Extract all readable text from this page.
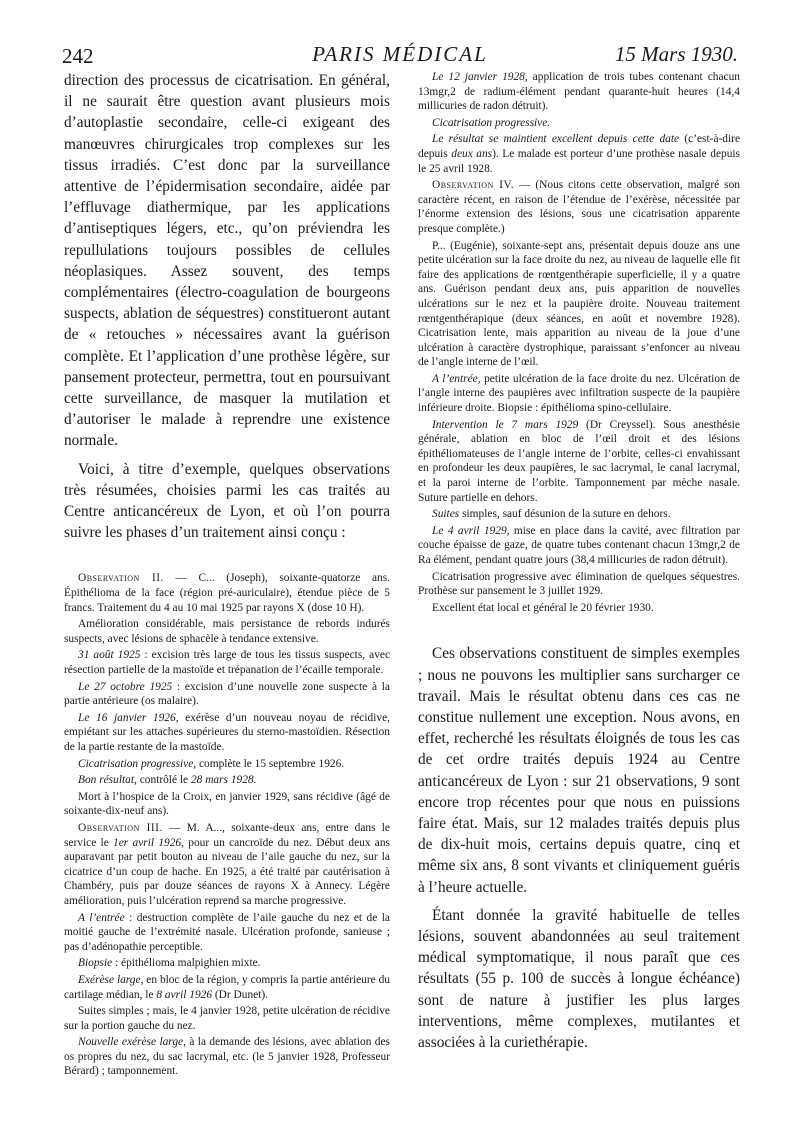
242	PARIS MÉDICAL	15 Mars 1930.

direction des processus de cicatrisation. En général, il ne saurait être question avant plusieurs mois d’autoplastie secondaire, celle-ci exigeant des manœuvres chirurgicales trop complexes sur les tissus irradiés. C’est donc par la surveillance attentive de l’épidermisation secondaire, aidée par l’effluvage diathermique, par les applications d’antiseptiques légers, etc., qu’on préviendra les repullulations toujours possibles de cellules néoplasiques. Assez souvent, des temps complémentaires (électro-coagulation de bourgeons suspects, ablation de séquestres) constitueront autant de « retouches » nécessaires avant la guérison complète. Et l’application d’une prothèse légère, sur pansement protecteur, permettra, tout en poursuivant cette surveillance, de masquer la mutilation et d’autoriser le malade à reprendre une existence normale.

Voici, à titre d’exemple, quelques observations très résumées, choisies parmi les cas traités au Centre anticancéreux de Lyon, et où l’on pourra suivre les phases d’un traitement ainsi conçu :

Observation II. — C... (Joseph), soixante-quatorze ans. Épithélioma de la face (région pré-auriculaire), étendue pièce de 5 francs. Traitement du 4 au 10 mai 1925 par rayons X (dose 10 H).

Amélioration considérable, mais persistance de rebords indurés suspects, avec lésions de sphacèle à tendance extensive.

31 août 1925 : excision très large de tous les tissus suspects, avec résection partielle de la mastoïde et trépanation de l’écaille temporale.

Le 27 octobre 1925 : excision d’une nouvelle zone suspecte à la partie antérieure (os malaire).

Le 16 janvier 1926, exérèse d’un nouveau noyau de récidive, empiétant sur les attaches supérieures du sterno-mastoïdien. Résection de la partie restante de la mastoïde.

Cicatrisation progressive, complète le 15 septembre 1926.

Bon résultat, contrôlé le 28 mars 1928.

Mort à l’hospice de la Croix, en janvier 1929, sans récidive (âgé de soixante-dix-neuf ans).

Observation III. — M. A..., soixante-deux ans, entre dans le service le 1er avril 1926, pour un cancroïde du nez. Début deux ans auparavant par petit bouton au niveau de l’aile gauche du nez, sur la cicatrice d’un coup de hache. En 1925, a été traité par cautérisation à Chambéry, puis par douze séances de rayons X à Annecy. Légère amélioration, puis l’ulcération reprend sa marche progressive.

A l’entrée : destruction complète de l’aile gauche du nez et de la moitié gauche de l’extrémité nasale. Ulcération profonde, sanieuse ; pas d’adénopathie perceptible.

Biopsie : épithélioma malpighien mixte.

Exérèse large, en bloc de la région, y compris la partie antérieure du cartilage médian, le 8 avril 1926 (Dr Dunet).

Suites simples ; mais, le 4 janvier 1928, petite ulcération de récidive sur la portion gauche du nez.

Nouvelle exérèse large, à la demande des lésions, avec ablation des os propres du nez, du sac lacrymal, etc. (le 5 janvier 1928, Professeur Bérard) ; tamponnement.

Le 12 janvier 1928, application de trois tubes contenant chacun 13mgr,2 de radium-élément pendant quarante-huit heures (14,4 millicuries de radon détruit).

Cicatrisation progressive.

Le résultat se maintient excellent depuis cette date (c’est-à-dire depuis deux ans). Le malade est porteur d’une prothèse nasale depuis le 25 avril 1928.

Observation IV. — (Nous citons cette observation, malgré son caractère récent, en raison de l’étendue de l’exérèse, nécessitée par l’énorme extension des lésions, sous une cicatrisation apparente presque complète.)

P... (Eugénie), soixante-sept ans, présentait depuis douze ans une petite ulcération sur la face droite du nez, au niveau de laquelle elle fit faire des applications de rœntgenthérapie superficielle, il y a quatre ans. Guérison pendant deux ans, puis apparition de nouvelles ulcérations sur le nez et la paupière droite. Nouveau traitement rœntgenthérapique (deux séances, en août et novembre 1928). Cicatrisation lente, mais apparition au niveau de la joue d’une ulcération à caractère dystrophique, paraissant s’enfoncer au niveau de l’angle interne de l’œil.

A l’entrée, petite ulcération de la face droite du nez. Ulcération de l’angle interne des paupières avec infiltration suspecte de la paupière inférieure droite. Biopsie : épithélioma spino-cellulaire.

Intervention le 7 mars 1929 (Dr Creyssel). Sous anesthésie générale, ablation en bloc de l’œil droit et des lésions épithéliomateuses de l’angle interne de l’orbite, celles-ci envahissant en profondeur les deux paupières, le sac lacrymal, le canal lacrymal, et la paroi interne de l’orbite. Tamponnement par mèche nasale. Suture partielle en dehors.

Suites simples, sauf désunion de la suture en dehors.

Le 4 avril 1929, mise en place dans la cavité, avec filtration par couche épaisse de gaze, de quatre tubes contenant chacun 13mgr,2 de Ra élément, pendant quatre jours (38,4 millicuries de radon détruit).

Cicatrisation progressive avec élimination de quelques séquestres. Prothèse sur pansement le 3 juillet 1929.

Excellent état local et général le 20 février 1930.

Ces observations constituent de simples exemples ; nous ne pouvons les multiplier sans surcharger ce travail. Mais le résultat obtenu dans ces cas ne constitue nullement une exception. Nous avons, en effet, recherché les résultats éloignés de tous les cas de cet ordre traités depuis 1924 au Centre anticancéreux de Lyon : sur 21 observations, 9 sont encore trop récentes pour que nous en puissions faire état. Mais, sur 12 malades traités depuis plus de dix-huit mois, certains depuis quatre, cinq et même six ans, 8 sont vivants et cliniquement guéris à l’heure actuelle.

Étant donnée la gravité habituelle de telles lésions, souvent abandonnées au seul traitement médical symptomatique, il nous paraît que ces résultats (55 p. 100 de succès à longue échéance) sont de nature à justifier les plus larges interventions, même complexes, mutilantes et associées à la curiethérapie.
